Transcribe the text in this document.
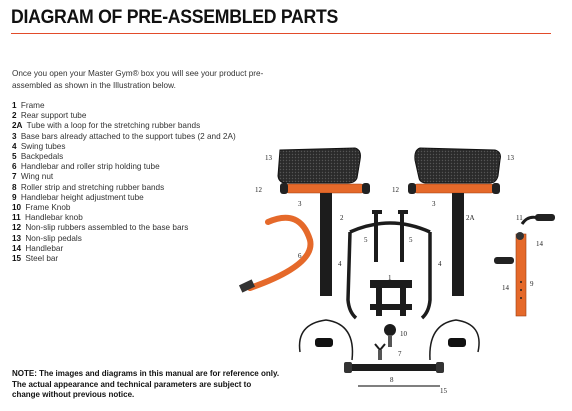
DIAGRAM OF PRE-ASSEMBLED PARTS

Once you open your Master Gym® box you will see your product pre-assembled as shown in the Illustration below.

1 Frame
2 Rear support tube
2A Tube with a loop for the stretching rubber bands
3 Base bars already attached to the support tubes (2 and 2A)
4 Swing tubes
5 Backpedals
6 Handlebar and roller strip holding tube
7 Wing nut
8 Roller strip and stretching rubber bands
9 Handlebar height adjustment tube
10 Frame Knob
11 Handlebar knob
12 Non-slip rubbers assembled to the base bars
13 Non-slip pedals
14 Handlebar
15 Steel bar

NOTE: The images and diagrams in this manual are for reference only. The actual appearance and technical parameters are subject to change without previous notice.

13	13
12	12
3	3
2	2A	11
14
14	9
5	5
6
4	4
1
10
7
8
15
